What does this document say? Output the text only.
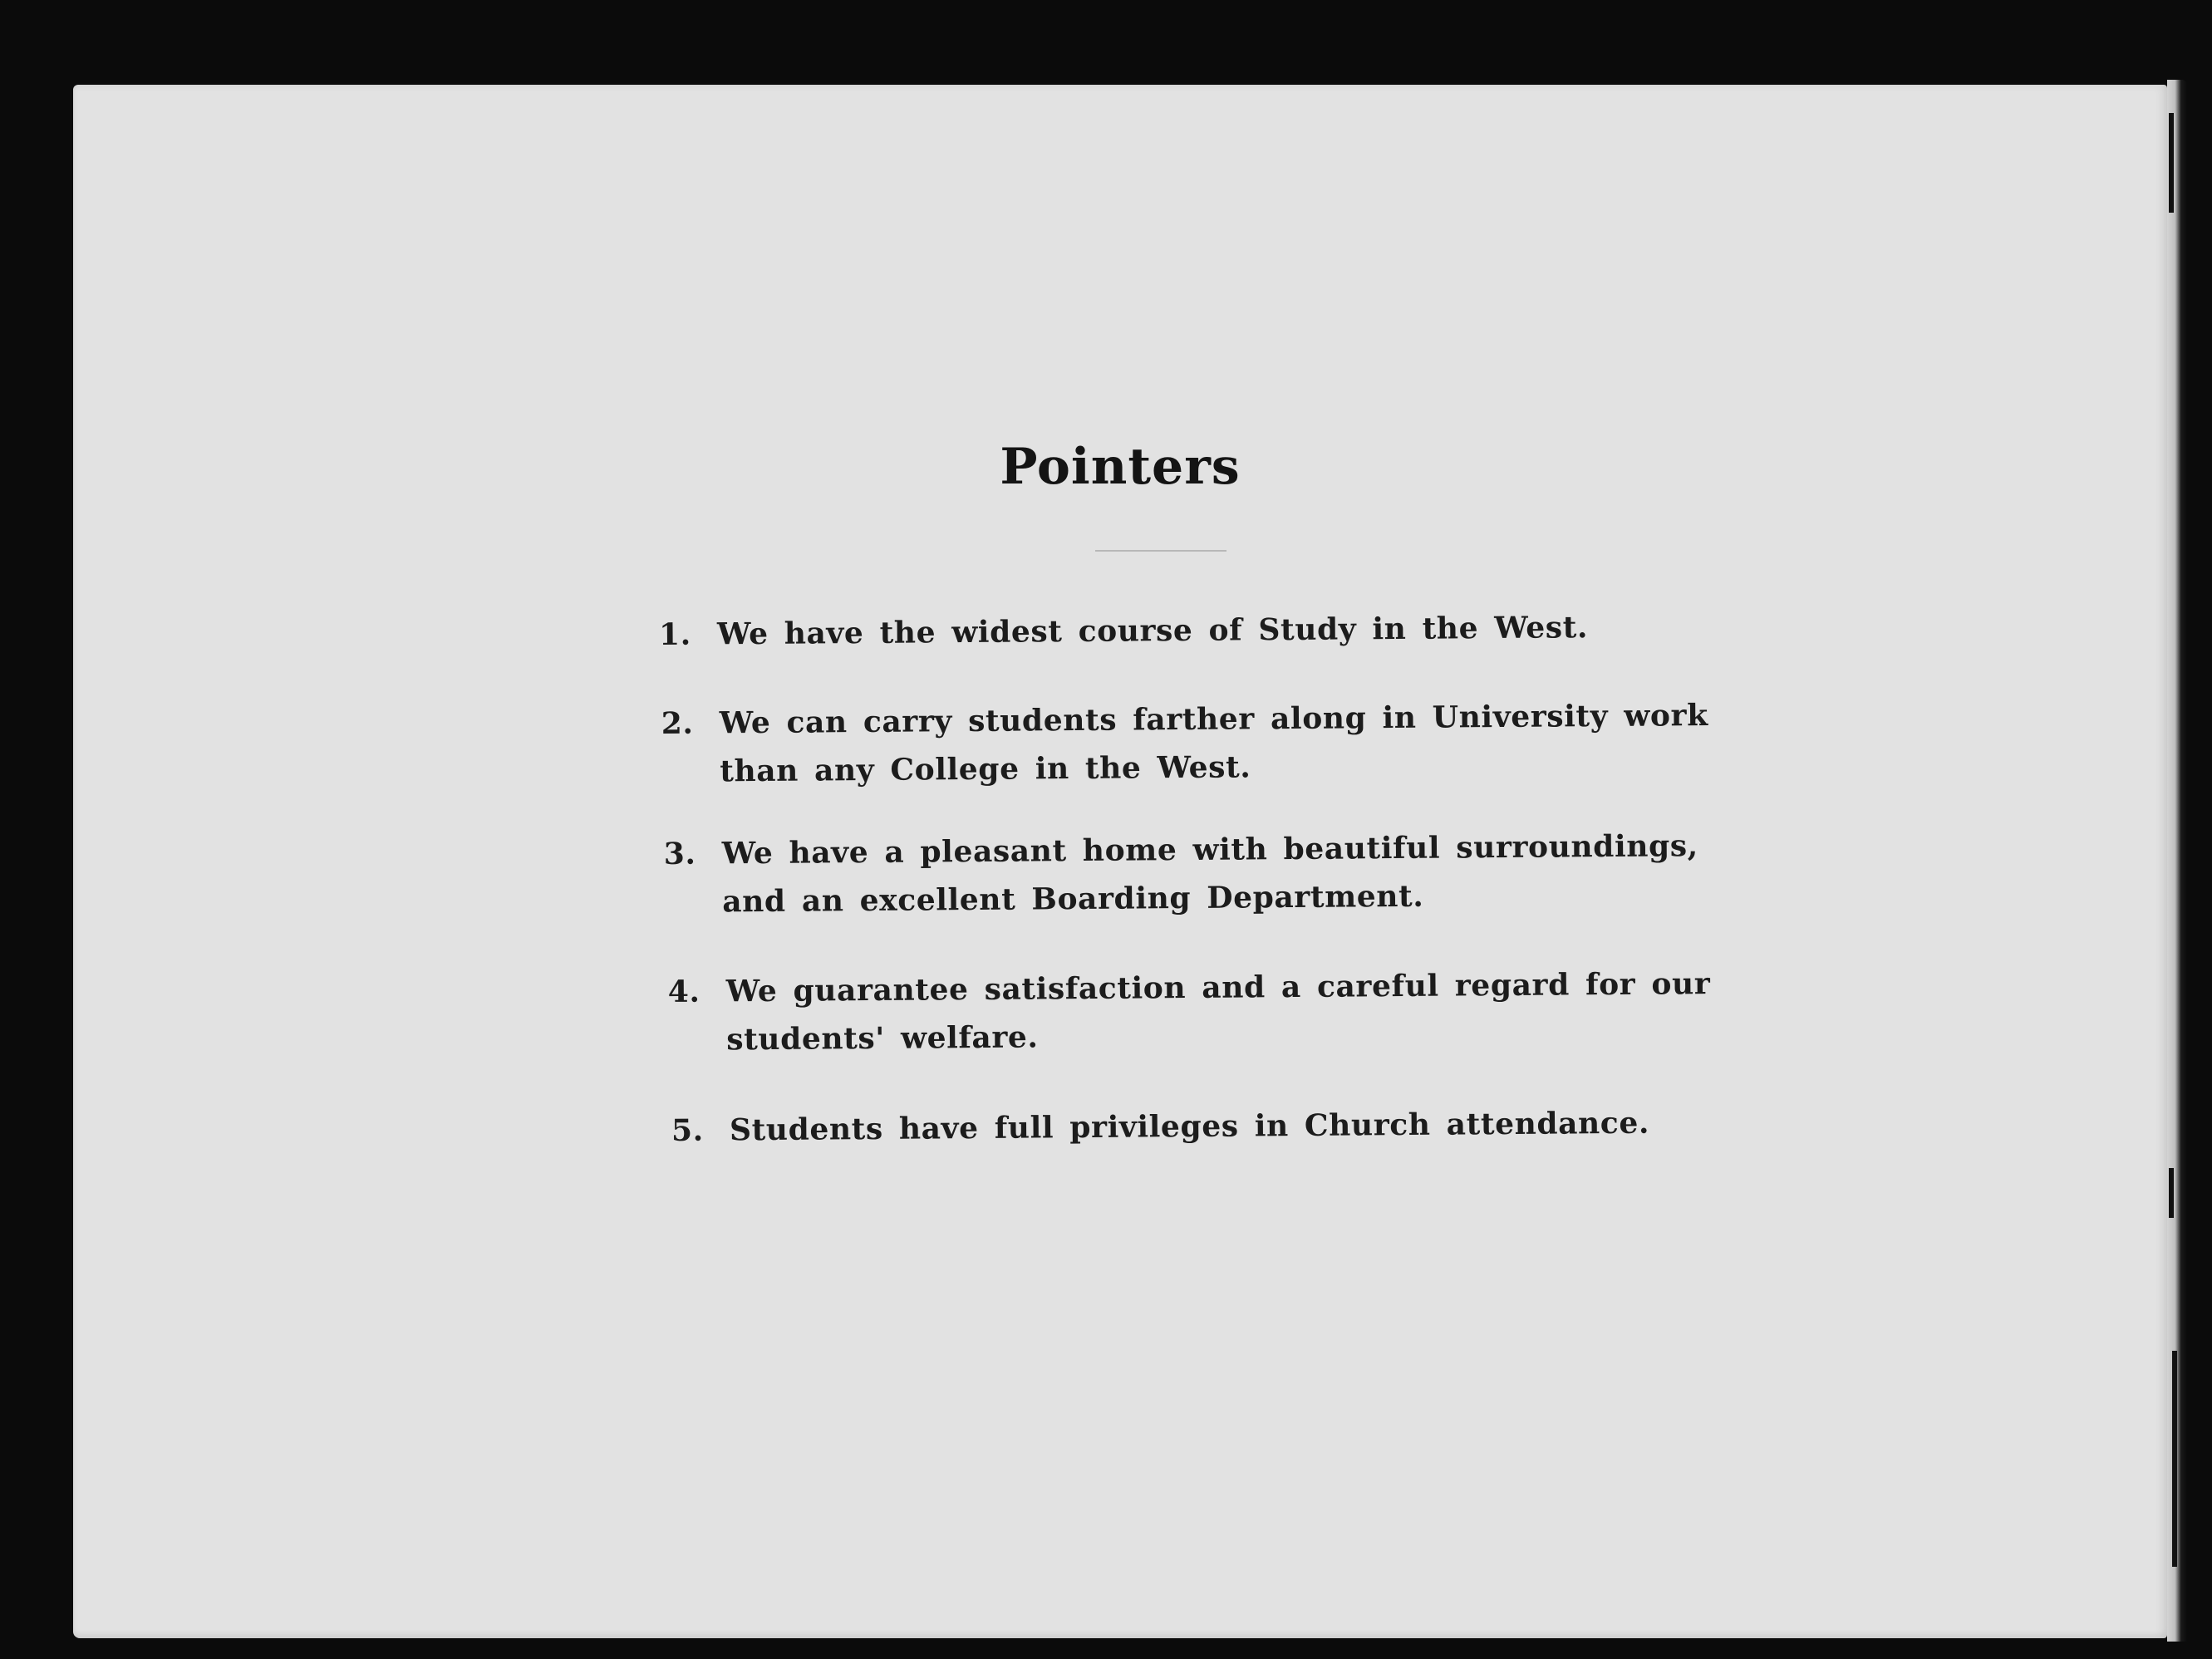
Pointers
1. We have the widest course of Study in the West.
2. We can carry students farther along in University work than any College in the West.
3. We have a pleasant home with beautiful surroundings, and an excellent Boarding Department.
4. We guarantee satisfaction and a careful regard for our students' welfare.
5. Students have full privileges in Church attendance.
